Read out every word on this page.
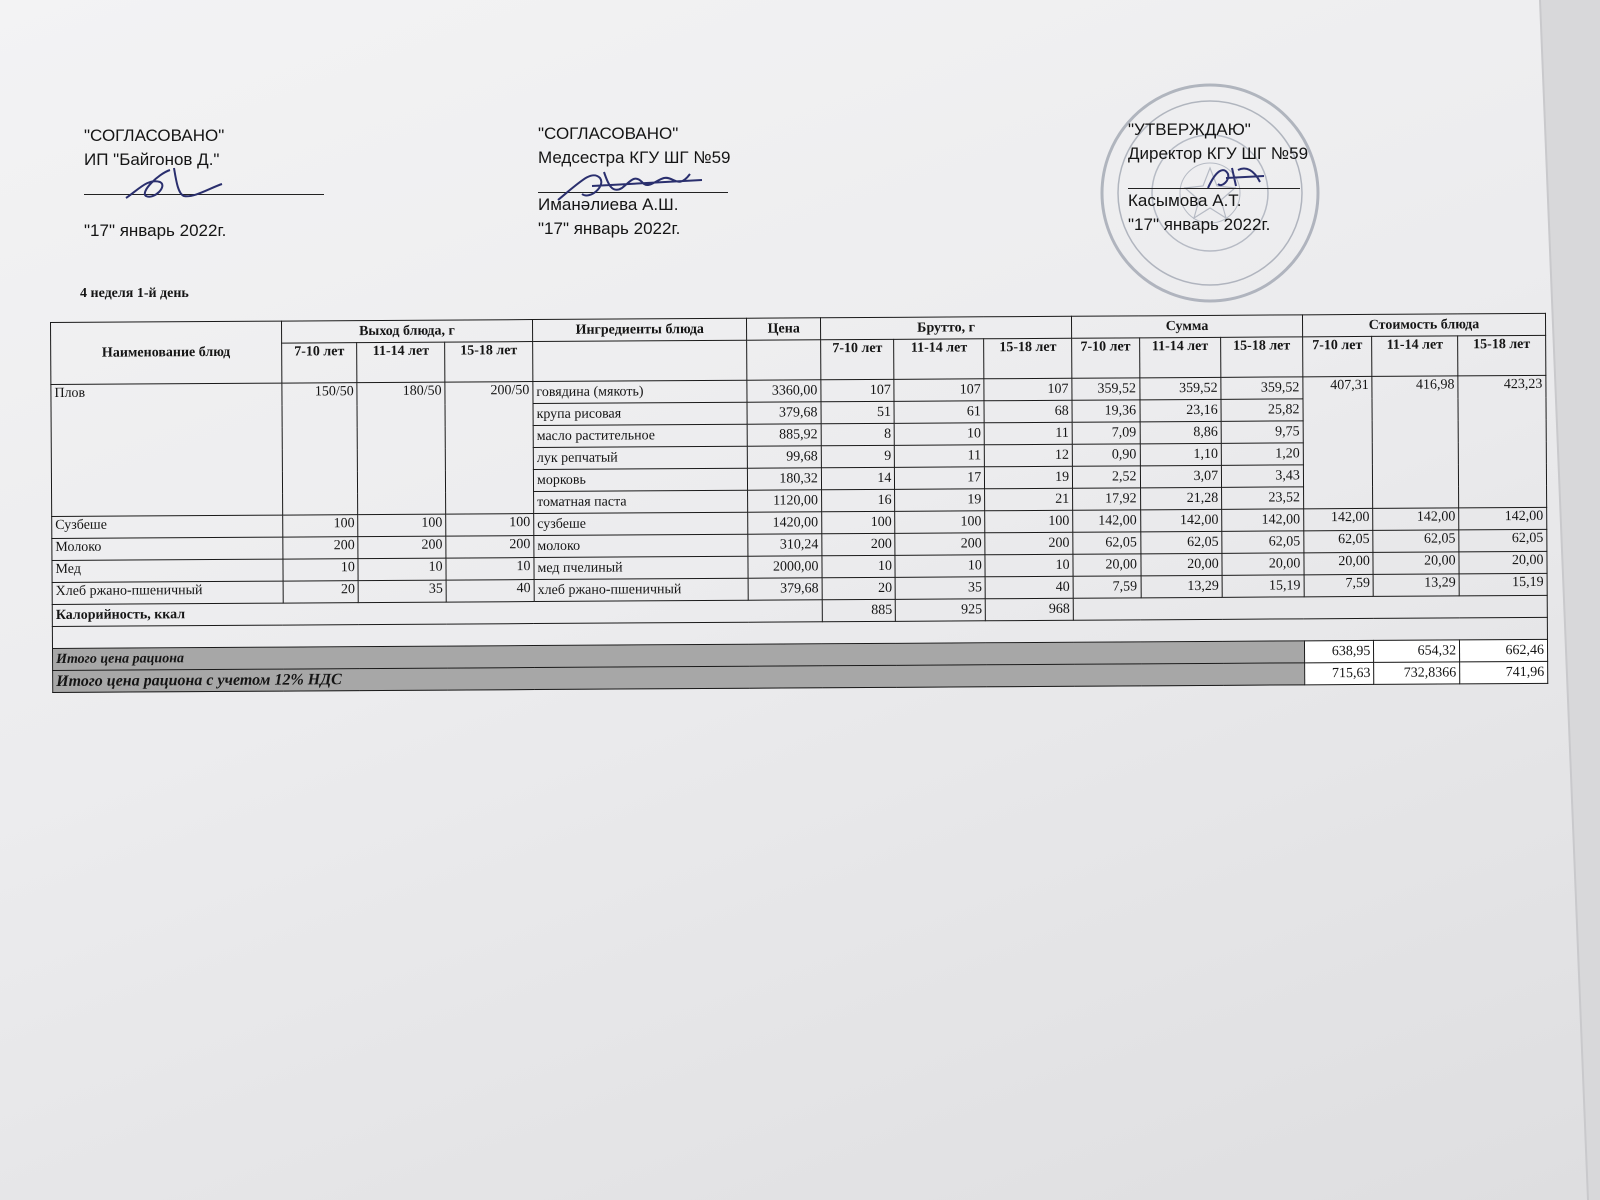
"СОГЛАСОВАНО"
ИП "Байгонов Д."
"17" январь 2022г.
"СОГЛАСОВАНО"
Медсестра КГУ ШГ №59
Иманәлиева А.Ш.
"17" январь 2022г.
"УТВЕРЖДАЮ"
Директор КГУ ШГ №59
Касымова А.Т.
"17" январь 2022г.
4 неделя 1-й день
Наименование блюд	Выход блюда, г			Ингредиенты блюда	Цена	Брутто, г			Сумма			Стоимость блюда		
	7-10 лет	11-14 лет	15-18 лет			7-10 лет	11-14 лет	15-18 лет	7-10 лет	11-14 лет	15-18 лет	7-10 лет	11-14 лет	15-18 лет
Плов	150/50	180/50	200/50	говядина (мякоть)	3360,00	107	107	107	359,52	359,52	359,52	407,31	416,98	423,23
				крупа рисовая	379,68	51	61	68	19,36	23,16	25,82			
				масло растительное	885,92	8	10	11	7,09	8,86	9,75			
				лук репчатый	99,68	9	11	12	0,90	1,10	1,20			
				морковь	180,32	14	17	19	2,52	3,07	3,43			
				томатная паста	1120,00	16	19	21	17,92	21,28	23,52			
Сузбеше	100	100	100	сузбеше	1420,00	100	100	100	142,00	142,00	142,00	142,00	142,00	142,00
Молоко	200	200	200	молоко	310,24	200	200	200	62,05	62,05	62,05	62,05	62,05	62,05
Мед	10	10	10	мед пчелиный	2000,00	10	10	10	20,00	20,00	20,00	20,00	20,00	20,00
Хлеб ржано-пшеничный	20	35	40	хлеб ржано-пшеничный	379,68	20	35	40	7,59	13,29	15,19	7,59	13,29	15,19
Калорийность, ккал						885	925	968						

Итого цена рациона												638,95	654,32	662,46
Итого цена рациона с учетом 12% НДС												715,63	732,8366	741,96
